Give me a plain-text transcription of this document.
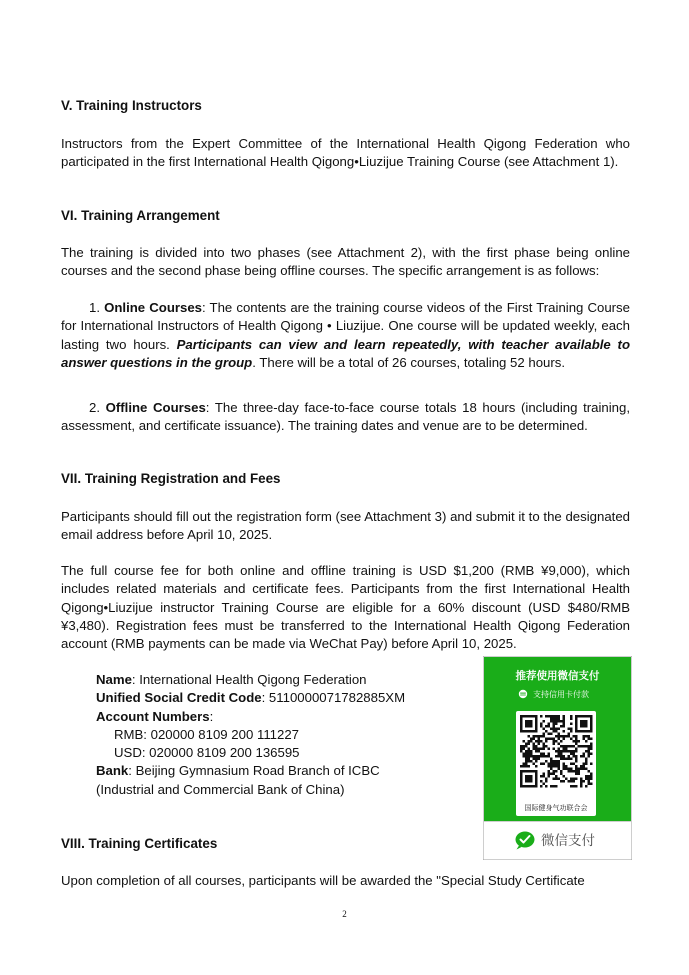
V. Training Instructors

Instructors from the Expert Committee of the International Health Qigong Federation who participated in the first International Health Qigong•Liuzijue Training Course (see Attachment 1).

VI. Training Arrangement

The training is divided into two phases (see Attachment 2), with the first phase being online courses and the second phase being offline courses. The specific arrangement is as follows:

1. Online Courses: The contents are the training course videos of the First Training Course for International Instructors of Health Qigong • Liuzijue. One course will be updated weekly, each lasting two hours. Participants can view and learn repeatedly, with teacher available to answer questions in the group. There will be a total of 26 courses, totaling 52 hours.

2. Offline Courses: The three-day face-to-face course totals 18 hours (including training, assessment, and certificate issuance). The training dates and venue are to be determined.

VII. Training Registration and Fees

Participants should fill out the registration form (see Attachment 3) and submit it to the designated email address before April 10, 2025.

The full course fee for both online and offline training is USD $1,200 (RMB ¥9,000), which includes related materials and certificate fees. Participants from the first International Health Qigong•Liuzijue instructor Training Course are eligible for a 60% discount (USD $480/RMB ¥3,480). Registration fees must be transferred to the International Health Qigong Federation account (RMB payments can be made via WeChat Pay) before April 10, 2025.

Name: International Health Qigong Federation
Unified Social Credit Code: 5110000071782885XM
Account Numbers:
RMB: 020000 8109 200 111227
USD: 020000 8109 200 136595
Bank: Beijing Gymnasium Road Branch of ICBC
(Industrial and Commercial Bank of China)
推荐使用微信支付
支持信用卡付款
国际健身气功联合会
微信支付
VIII. Training Certificates

Upon completion of all courses, participants will be awarded the "Special Study Certificate

2
